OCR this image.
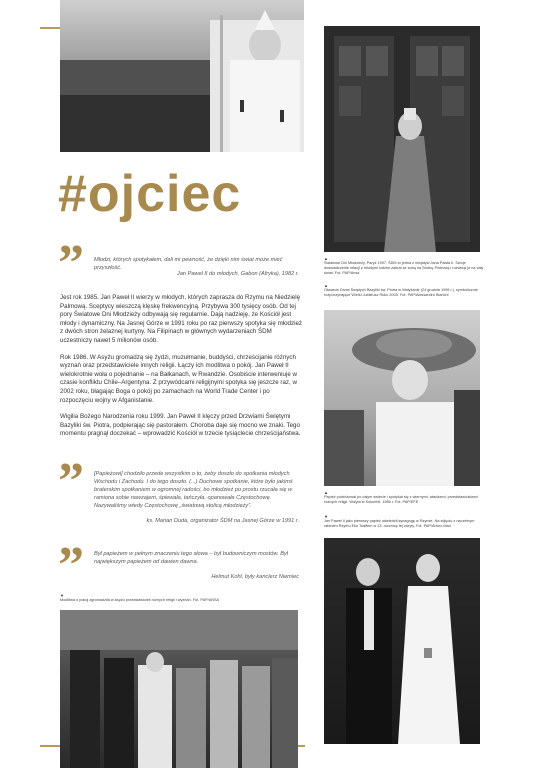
#ojciec
” Młodzi, których spotykałem, dali mi pewność, że dzięki nim świat może mieć przyszłość.
Jan Paweł II do młodych, Gabon (Afryka), 1982 r.

Jest rok 1985. Jan Paweł II wierzy w młodych, których zaprasza do Rzymu na Niedzielę Palmową. Sceptycy wieszczą klęskę frekwencyjną. Przybywa 300 tysięcy osób. Od tej pory Światowe Dni Młodzieży odbywają się regularnie. Dają nadzieję, że Kościół jest młody i dynamiczny. Na Jasnej Górze w 1991 roku po raz pierwszy spotyka się młodzież z dwóch stron żelaznej kurtyny. Na Filipinach w głównych wydarzeniach ŚDM uczestniczy nawet 5 milionów osób.

Rok 1986. W Asyżu gromadzą się żydzi, muzułmanie, buddyści, chrześcijanie różnych wyznań oraz przedstawiciele innych religii. Łączy ich modlitwa o pokój. Jan Paweł II wielokrotnie woła o pojednanie – na Bałkanach, w Rwandzie. Osobiście interweniuje w czasie konfliktu Chile–Argentyna. Z przywódcami religijnymi spotyka się jeszcze raz, w 2002 roku, błagając Boga o pokój po zamachach na World Trade Center i po rozpoczęciu wojny w Afganistanie.

Wigilia Bożego Narodzenia roku 1999. Jan Paweł II klęczy przed Drzwiami Świętymi Bazyliki św. Piotra, podpierając się pastorałem. Choroba daje się mocno we znaki. Tego momentu pragnął doczekać – wprowadzić Kościół w trzecie tysiąclecie chrześcijaństwa.

” [Papieżowi] chodziło przede wszystkim o to, żeby doszło do spotkania młodych Wschodu i Zachodu. I do tego doszło. (...) Duchowe spotkanie, które było jakimś braterskim spotkaniem w ogromnej radości, bo młodzież po prostu rzucała się w ramiona sobie nawzajem, śpiewała, tańczyła, opanowała Częstochowę. Nazywaliśmy wtedy Częstochowę „światową stolicą młodzieży”.
ks. Marian Duda, organizator ŚDM na Jasnej Górze w 1991 r.
” Był papieżem w pełnym znaczeniu tego słowa – był budowniczym mostów. Był największym papieżem od dawien dawna.
Helmut Kohl, były kanclerz Niemiec
▼
Modlitwa o pokój zgromadziła w Asyżu przedstawicieli różnych religii i wyznań. Fot. PAP/ANSA
▲
Światowe Dni Młodzieży, Paryż 1997. ŚDM to jedna z inicjatyw Jana Pawła II. Swoje doświadczenie relacji z młodymi ludźmi zabrał ze sobą na Stolicę Piotrową i rozwinął je na cały świat. Fot. PAP/Ansa
▲
Otwarcie Drzwi Świętych Bazyliki św. Piotra w Watykanie (24 grudnia 1999 r.), symbolicznie rozpoczynające Wielki Jubileusz Roku 2000. Fot. PAP/Alessandro Bianchi
▲
Papież podróżował po całym świecie i spotykał się z wiernymi, władzami, przedstawicielami różnych religii. Wizyta w Kolumbii, 1986 r. Fot. PAP/EFE
▼
Jan Paweł II jako pierwszy papież odwiedził synagogę w Rzymie. Na zdjęciu z naczelnym rabinem Rzymu Elio Toaffem w 13. rocznicę tej wizyty. Fot. PAP/Arturo Mari
